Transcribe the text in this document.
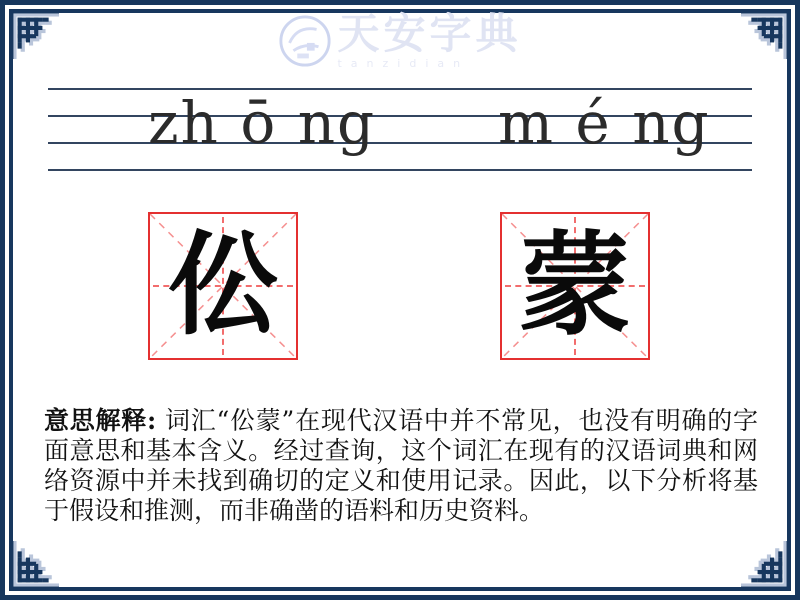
天安字典
tanzidian
zh ō ng m é ng
伀 蒙

意思解释: 词汇“伀蒙”在现代汉语中并不常见，也没有明确的字面意思和基本含义。经过查询，这个词汇在现有的汉语词典和网络资源中并未找到确切的定义和使用记录。因此，以下分析将基于假设和推测，而非确凿的语料和历史资料。
